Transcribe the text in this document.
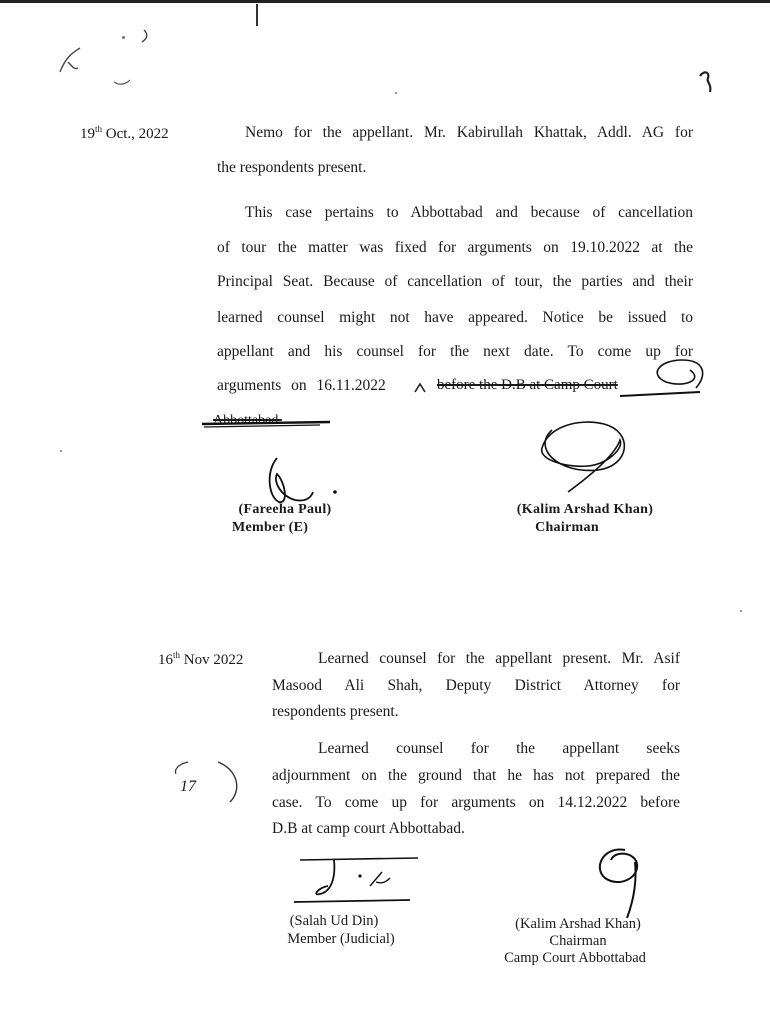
19th Oct., 2022	Nemo for the appellant. Mr. Kabirullah Khattak, Addl. AG for
the respondents present.
This case pertains to Abbottabad and because of cancellation
of tour the matter was fixed for arguments on 19.10.2022 at the
Principal Seat. Because of cancellation of tour, the parties and their
learned counsel might not have appeared. Notice be issued to
appellant and his counsel for the next date. To come up for
arguments on 16.11.2022	before the D.B at Camp Court
Abbottabad.
(Fareeha Paul)
Member (E)
(Kalim Arshad Khan)
Chairman
16th Nov 2022	Learned counsel for the appellant present. Mr. Asif
Masood Ali Shah, Deputy District Attorney for
respondents present.
Learned counsel for the appellant seeks
adjournment on the ground that he has not prepared the
case. To come up for arguments on 14.12.2022 before
D.B at camp court Abbottabad.
17
(Salah Ud Din)
Member (Judicial)
(Kalim Arshad Khan)
Chairman
Camp Court Abbottabad
